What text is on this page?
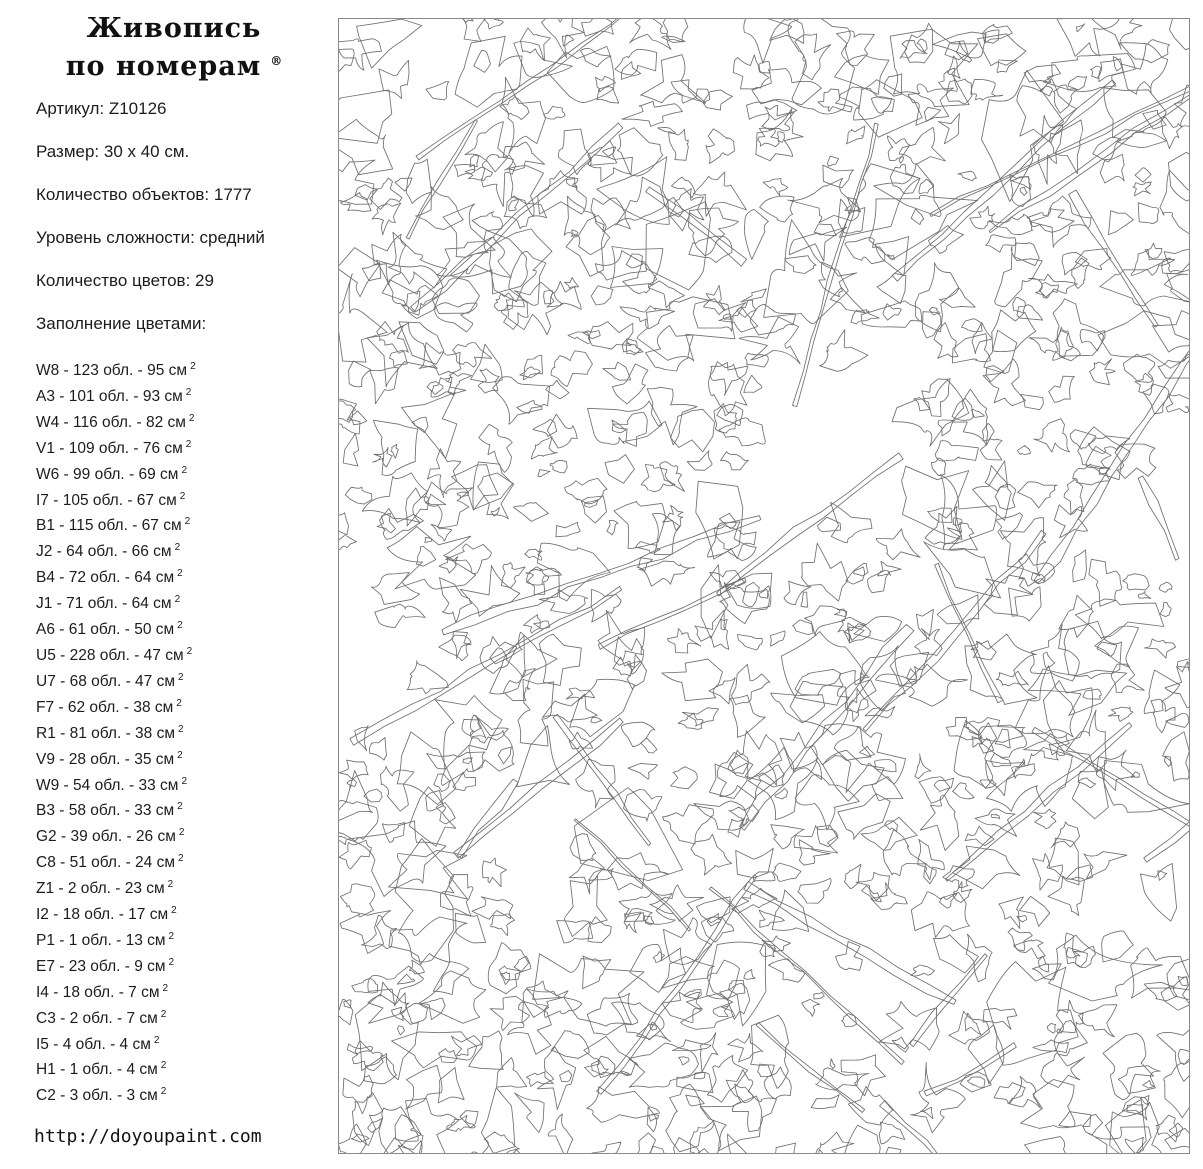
Живопись
по номерам ®

Артикул: Z10126

Размер: 30 x 40 см.

Количество объектов: 1777

Уровень сложности: средний

Количество цветов: 29

Заполнение цветами:

W8 - 123 обл. - 95 см $^2$
A3 - 101 обл. - 93 см $^2$
W4 - 116 обл. - 82 см $^2$
V1 - 109 обл. - 76 см $^2$
W6 - 99 обл. - 69 см $^2$
I7 - 105 обл. - 67 см $^2$
B1 - 115 обл. - 67 см $^2$
J2 - 64 обл. - 66 см $^2$
B4 - 72 обл. - 64 см $^2$
J1 - 71 обл. - 64 см $^2$
A6 - 61 обл. - 50 см $^2$
U5 - 228 обл. - 47 см $^2$
U7 - 68 обл. - 47 см $^2$
F7 - 62 обл. - 38 см $^2$
R1 - 81 обл. - 38 см $^2$
V9 - 28 обл. - 35 см $^2$
W9 - 54 обл. - 33 см $^2$
B3 - 58 обл. - 33 см $^2$
G2 - 39 обл. - 26 см $^2$
C8 - 51 обл. - 24 см $^2$
Z1 - 2 обл. - 23 см $^2$
I2 - 18 обл. - 17 см $^2$
P1 - 1 обл. - 13 см $^2$
E7 - 23 обл. - 9 см $^2$
I4 - 18 обл. - 7 см $^2$
C3 - 2 обл. - 7 см $^2$
I5 - 4 обл. - 4 см $^2$
H1 - 1 обл. - 4 см $^2$
C2 - 3 обл. - 3 см $^2$
http://doyoupaint.com
